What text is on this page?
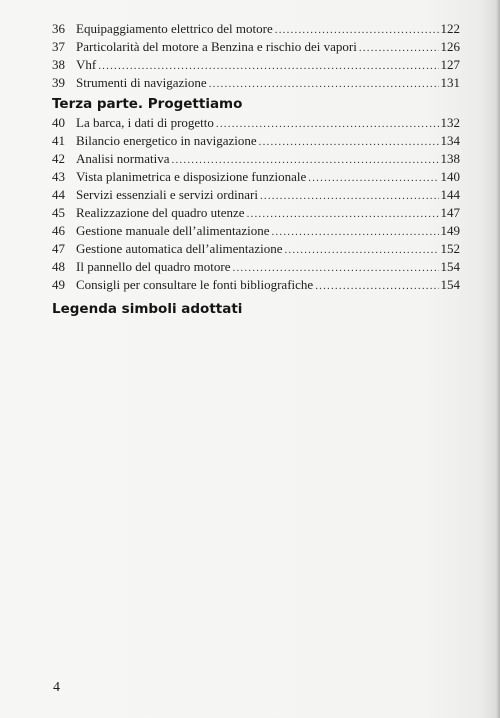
36 Equipaggiamento elettrico del motore .....	122
37 Particolarità del motore a Benzina e rischio dei vapori .....	126
38 Vhf .....	127
39 Strumenti di navigazione .....	131
Terza parte. Progettiamo
40 La barca, i dati di progetto .....	132
41 Bilancio energetico in navigazione .....	134
42 Analisi normativa .....	138
43 Vista planimetrica e disposizione funzionale .....	140
44 Servizi essenziali e servizi ordinari .....	144
45 Realizzazione del quadro utenze .....	147
46 Gestione manuale dell’alimentazione .....	149
47 Gestione automatica dell’alimentazione .....	152
48 Il pannello del quadro motore .....	154
49 Consigli per consultare le fonti bibliografiche .....	154
Legenda simboli adottati
4
